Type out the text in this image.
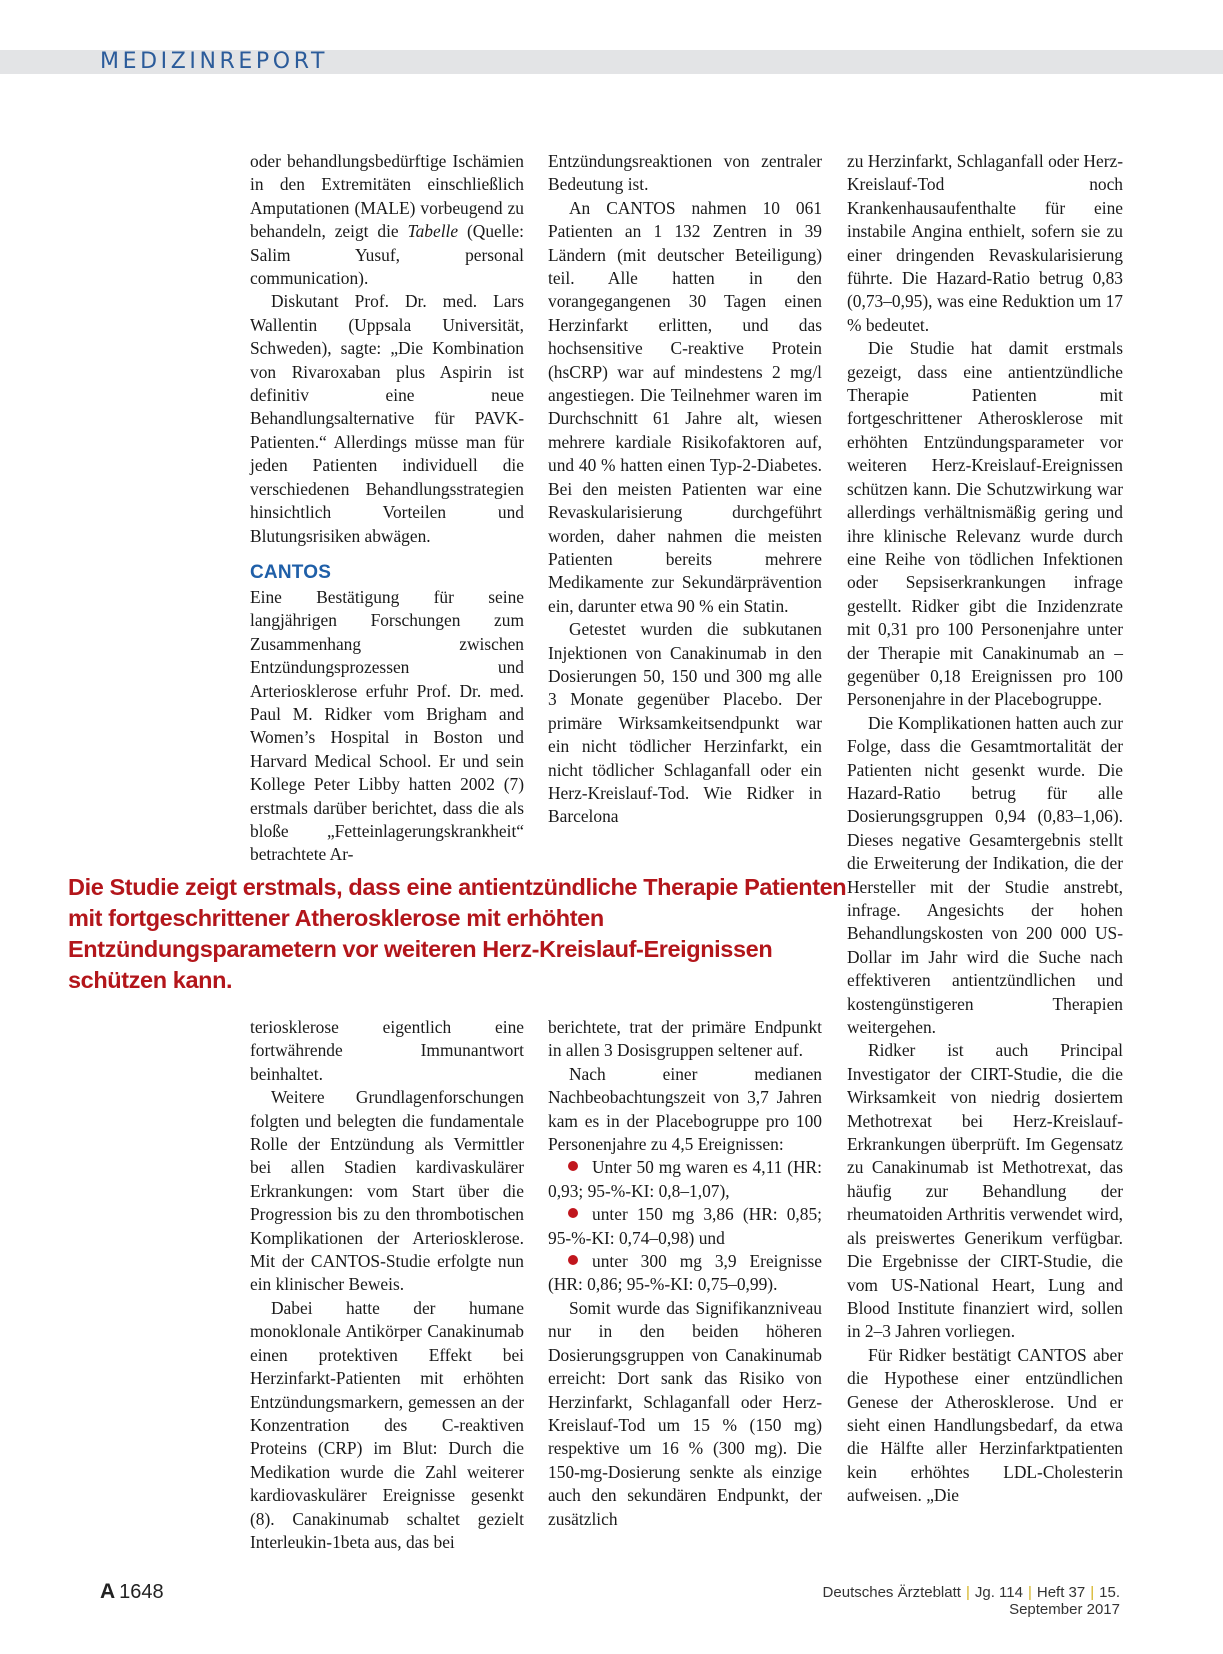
MEDIZINREPORT

oder behandlungsbedürftige Ischämien in den Extremitäten einschließlich Amputationen (MALE) vorbeugend zu behandeln, zeigt die Tabelle (Quelle: Salim Yusuf, personal communication).

Diskutant Prof. Dr. med. Lars Wallentin (Uppsala Universität, Schweden), sagte: „Die Kombination von Rivaroxaban plus Aspirin ist definitiv eine neue Behandlungsalternative für PAVK-Patienten.“ Allerdings müsse man für jeden Patienten individuell die verschiedenen Behandlungsstrategien hinsichtlich Vorteilen und Blutungsrisiken abwägen.

CANTOS

Eine Bestätigung für seine langjährigen Forschungen zum Zusammenhang zwischen Entzündungsprozessen und Arteriosklerose erfuhr Prof. Dr. med. Paul M. Ridker vom Brigham and Women’s Hospital in Boston und Harvard Medical School. Er und sein Kollege Peter Libby hatten 2002 (7) erstmals darüber berichtet, dass die als bloße „Fetteinlagerungskrankheit“ betrachtete Ar-

Entzündungsreaktionen von zentraler Bedeutung ist.

An CANTOS nahmen 10 061 Patienten an 1 132 Zentren in 39 Ländern (mit deutscher Beteiligung) teil. Alle hatten in den vorangegangenen 30 Tagen einen Herzinfarkt erlitten, und das hochsensitive C-reaktive Protein (hsCRP) war auf mindestens 2 mg/l angestiegen. Die Teilnehmer waren im Durchschnitt 61 Jahre alt, wiesen mehrere kardiale Risikofaktoren auf, und 40 % hatten einen Typ-2-Diabetes. Bei den meisten Patienten war eine Revaskularisierung durchgeführt worden, daher nahmen die meisten Patienten bereits mehrere Medikamente zur Sekundärprävention ein, darunter etwa 90 % ein Statin.

Getestet wurden die subkutanen Injektionen von Canakinumab in den Dosierungen 50, 150 und 300 mg alle 3 Monate gegenüber Placebo. Der primäre Wirksamkeitsendpunkt war ein nicht tödlicher Herzinfarkt, ein nicht tödlicher Schlaganfall oder ein Herz-Kreislauf-Tod. Wie Ridker in Barcelona

zu Herzinfarkt, Schlaganfall oder Herz-Kreislauf-Tod noch Krankenhausaufenthalte für eine instabile Angina enthielt, sofern sie zu einer dringenden Revaskularisierung führte. Die Hazard-Ratio betrug 0,83 (0,73–0,95), was eine Reduktion um 17 % bedeutet.

Die Studie hat damit erstmals gezeigt, dass eine antientzündliche Therapie Patienten mit fortgeschrittener Atherosklerose mit erhöhten Entzündungsparameter vor weiteren Herz-Kreislauf-Ereignissen schützen kann. Die Schutzwirkung war allerdings verhältnismäßig gering und ihre klinische Relevanz wurde durch eine Reihe von tödlichen Infektionen oder Sepsiserkrankungen infrage gestellt. Ridker gibt die Inzidenzrate mit 0,31 pro 100 Personenjahre unter der Therapie mit Canakinumab an – gegenüber 0,18 Ereignissen pro 100 Personenjahre in der Placebogruppe.

Die Komplikationen hatten auch zur Folge, dass die Gesamtmortalität der Patienten nicht gesenkt wurde. Die Hazard-Ratio betrug für alle Dosierungsgruppen 0,94 (0,83–1,06). Dieses negative Gesamtergebnis stellt die Erweiterung der Indikation, die der Hersteller mit der Studie anstrebt, infrage. Angesichts der hohen Behandlungskosten von 200 000 US-Dollar im Jahr wird die Suche nach effektiveren antientzündlichen und kostengünstigeren Therapien weitergehen.

Ridker ist auch Principal Investigator der CIRT-Studie, die die Wirksamkeit von niedrig dosiertem Methotrexat bei Herz-Kreislauf-Erkrankungen überprüft. Im Gegensatz zu Canakinumab ist Methotrexat, das häufig zur Behandlung der rheumatoiden Arthritis verwendet wird, als preiswertes Generikum verfügbar. Die Ergebnisse der CIRT-Studie, die vom US-National Heart, Lung and Blood Institute finanziert wird, sollen in 2–3 Jahren vorliegen.

Für Ridker bestätigt CANTOS aber die Hypothese einer entzündlichen Genese der Atherosklerose. Und er sieht einen Handlungsbedarf, da etwa die Hälfte aller Herzinfarktpatienten kein erhöhtes LDL-Cholesterin aufweisen. „Die

Die Studie zeigt erstmals, dass eine antientzündliche Therapie Patienten mit fortgeschrittener Atherosklerose mit erhöhten Entzündungsparametern vor weiteren Herz-Kreislauf-Ereignissen schützen kann.

teriosklerose eigentlich eine fortwährende Immunantwort beinhaltet.

Weitere Grundlagenforschungen folgten und belegten die fundamentale Rolle der Entzündung als Vermittler bei allen Stadien kardivaskulärer Erkrankungen: vom Start über die Progression bis zu den thrombotischen Komplikationen der Arteriosklerose. Mit der CANTOS-Studie erfolgte nun ein klinischer Beweis.

Dabei hatte der humane monoklonale Antikörper Canakinumab einen protektiven Effekt bei Herzinfarkt-Patienten mit erhöhten Entzündungsmarkern, gemessen an der Konzentration des C-reaktiven Proteins (CRP) im Blut: Durch die Medikation wurde die Zahl weiterer kardiovaskulärer Ereignisse gesenkt (8). Canakinumab schaltet gezielt Interleukin-1beta aus, das bei

berichtete, trat der primäre Endpunkt in allen 3 Dosisgruppen seltener auf.

Nach einer medianen Nachbeobachtungszeit von 3,7 Jahren kam es in der Placebogruppe pro 100 Personenjahre zu 4,5 Ereignissen:

Unter 50 mg waren es 4,11 (HR: 0,93; 95-%-KI: 0,8–1,07),

unter 150 mg 3,86 (HR: 0,85; 95-%-KI: 0,74–0,98) und

unter 300 mg 3,9 Ereignisse (HR: 0,86; 95-%-KI: 0,75–0,99).

Somit wurde das Signifikanzniveau nur in den beiden höheren Dosierungsgruppen von Canakinumab erreicht: Dort sank das Risiko von Herzinfarkt, Schlaganfall oder Herz-Kreislauf-Tod um 15 % (150 mg) respektive um 16 % (300 mg). Die 150-mg-Dosierung senkte als einzige auch den sekundären Endpunkt, der zusätzlich

A 1648	Deutsches Ärzteblatt | Jg. 114 | Heft 37 | 15. September 2017
